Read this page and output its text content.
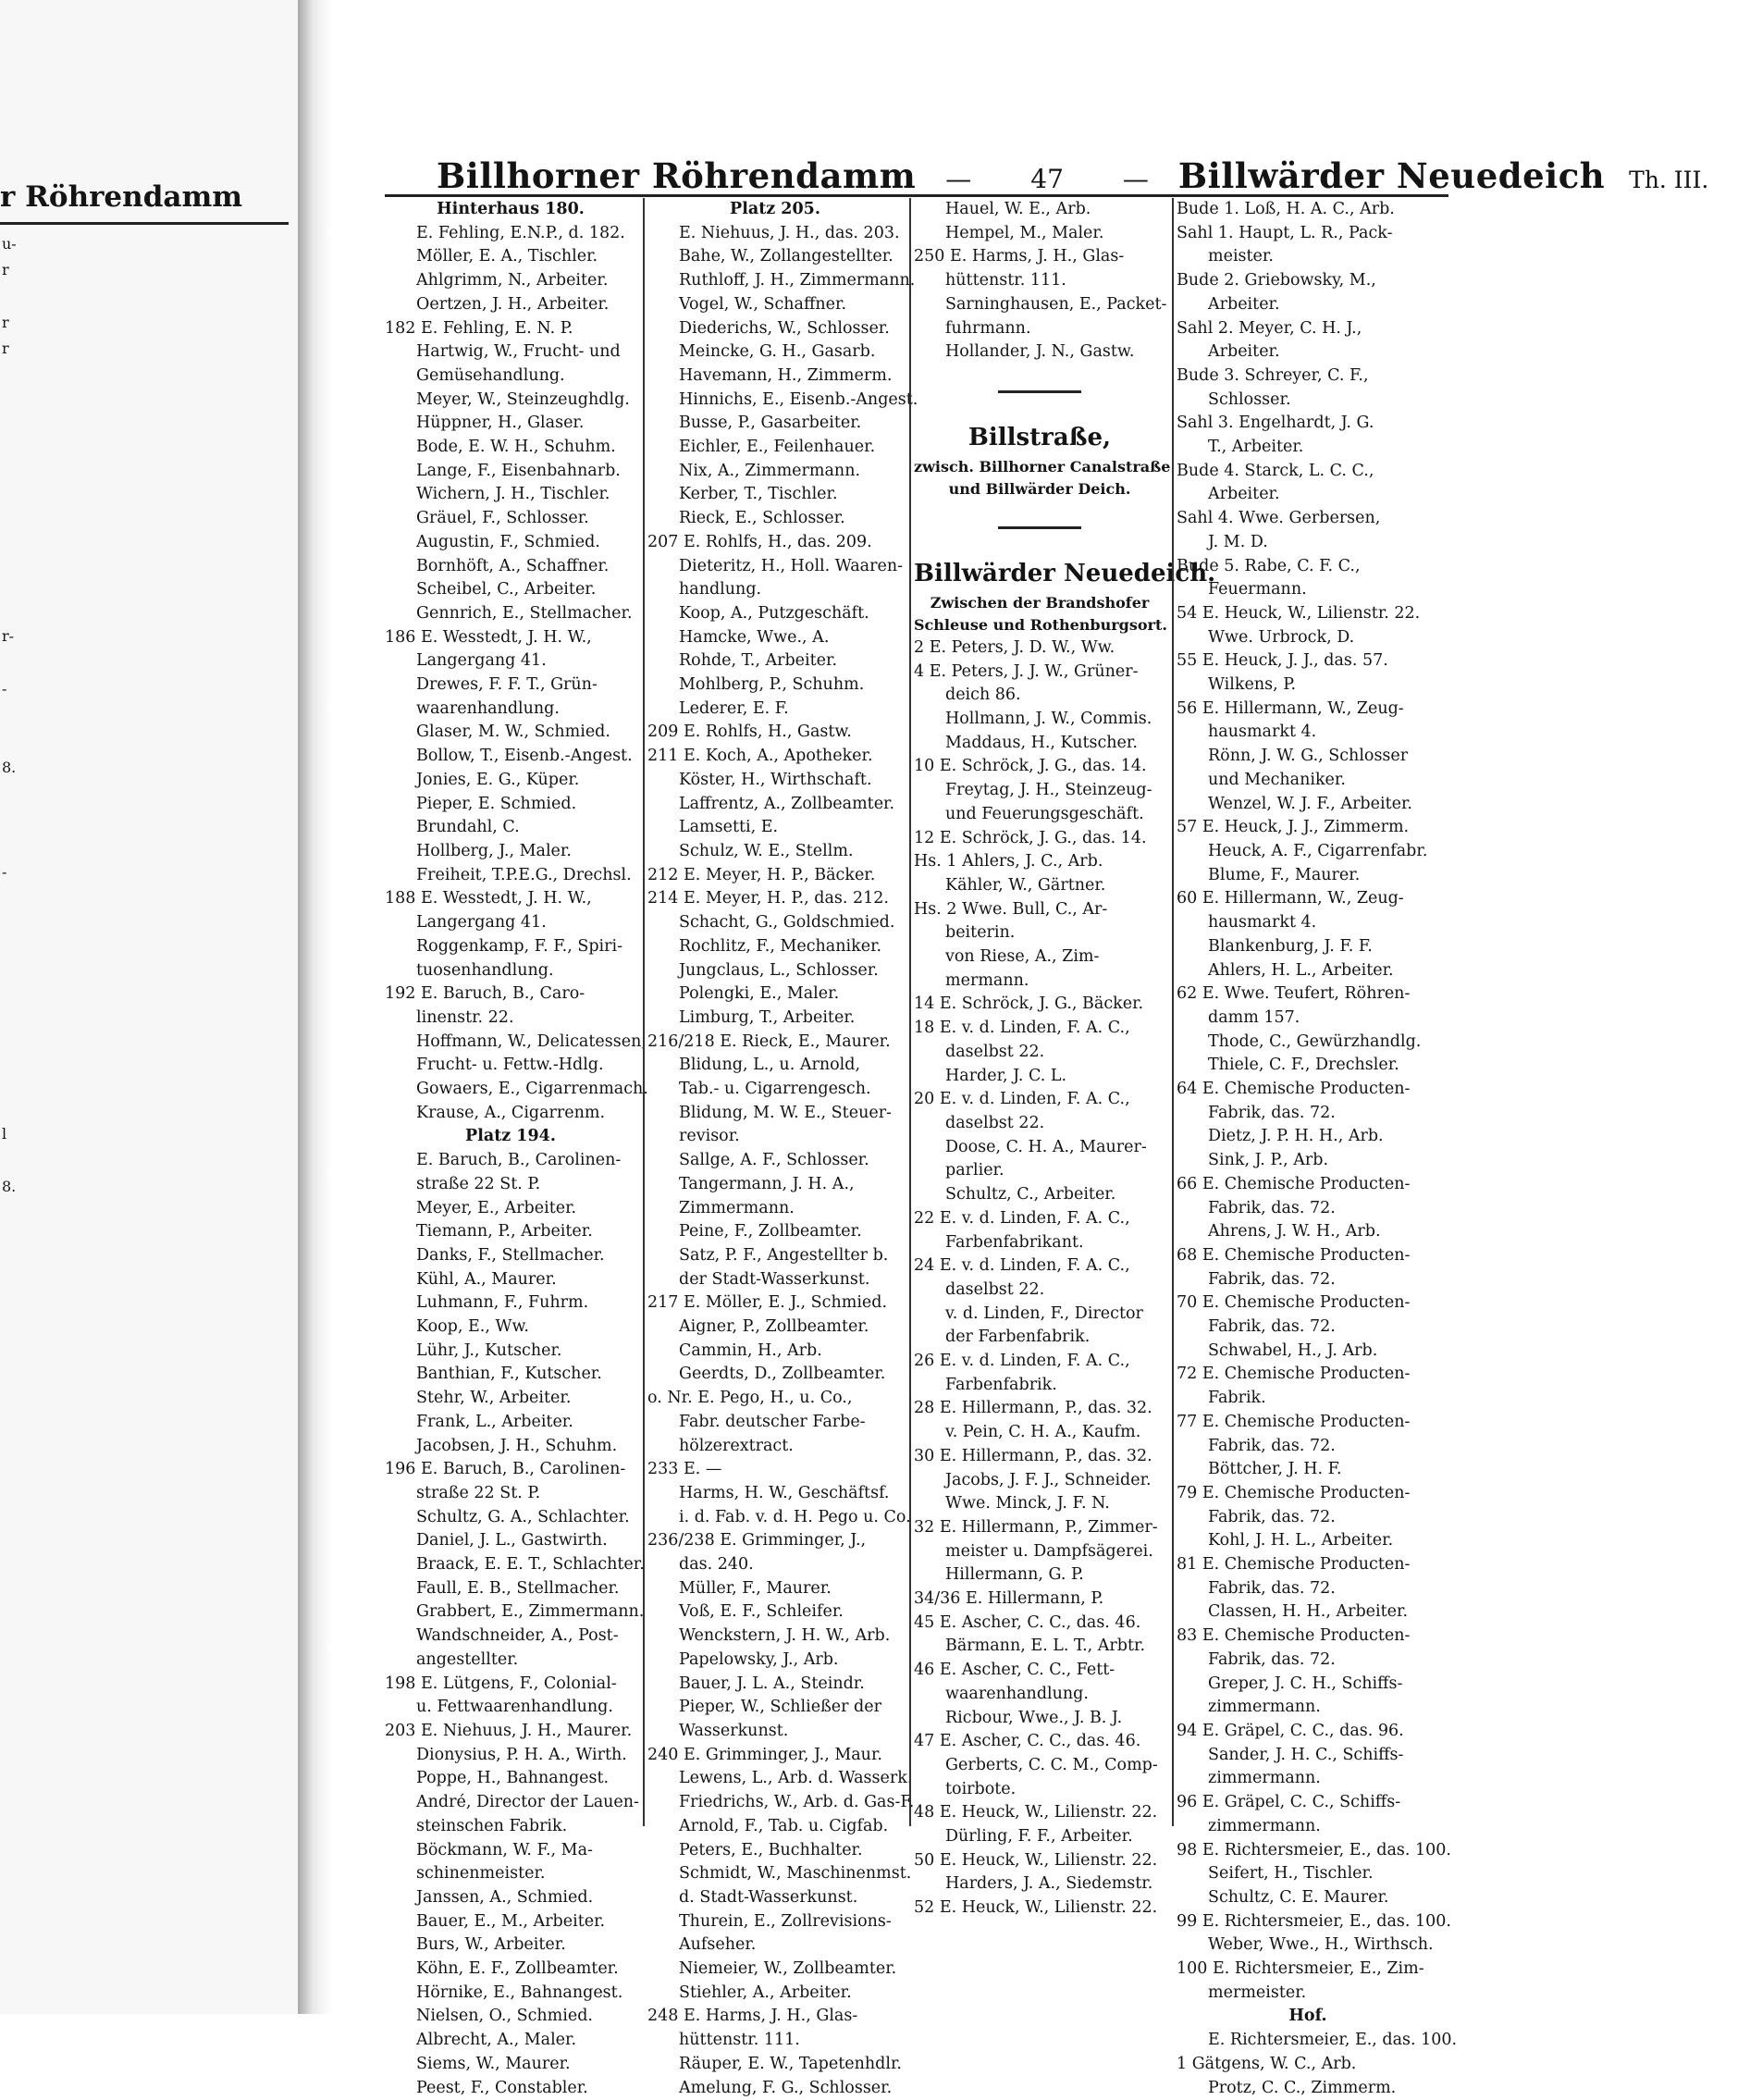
r Röhrendamm
u-
r

r
r

r-

-

8.

-

l

8.

Billhorner Röhrendamm — 47 — Billwärder Neuedeich Th. III.
Hinterhaus 180.
E. Fehling, E.N.P., d. 182.
Möller, E. A., Tischler.
Ahlgrimm, N., Arbeiter.
Oertzen, J. H., Arbeiter.
182 E. Fehling, E. N. P.
Hartwig, W., Frucht- und
Gemüsehandlung.
Meyer, W., Steinzeughdlg.
Hüppner, H., Glaser.
Bode, E. W. H., Schuhm.
Lange, F., Eisenbahnarb.
Wichern, J. H., Tischler.
Gräuel, F., Schlosser.
Augustin, F., Schmied.
Bornhöft, A., Schaffner.
Scheibel, C., Arbeiter.
Gennrich, E., Stellmacher.
186 E. Wesstedt, J. H. W.,
Langergang 41.
Drewes, F. F. T., Grün-
waarenhandlung.
Glaser, M. W., Schmied.
Bollow, T., Eisenb.-Angest.
Jonies, E. G., Küper.
Pieper, E. Schmied.
Brundahl, C.
Hollberg, J., Maler.
Freiheit, T.P.E.G., Drechsl.
188 E. Wesstedt, J. H. W.,
Langergang 41.
Roggenkamp, F. F., Spiri-
tuosenhandlung.
192 E. Baruch, B., Caro-
linenstr. 22.
Hoffmann, W., Delicatessen,
Frucht- u. Fettw.-Hdlg.
Gowaers, E., Cigarrenmach.
Krause, A., Cigarrenm.
Platz 194.
E. Baruch, B., Carolinen-
straße 22 St. P.
Meyer, E., Arbeiter.
Tiemann, P., Arbeiter.
Danks, F., Stellmacher.
Kühl, A., Maurer.
Luhmann, F., Fuhrm.
Koop, E., Ww.
Lühr, J., Kutscher.
Banthian, F., Kutscher.
Stehr, W., Arbeiter.
Frank, L., Arbeiter.
Jacobsen, J. H., Schuhm.
196 E. Baruch, B., Carolinen-
straße 22 St. P.
Schultz, G. A., Schlachter.
Daniel, J. L., Gastwirth.
Braack, E. E. T., Schlachter.
Faull, E. B., Stellmacher.
Grabbert, E., Zimmermann.
Wandschneider, A., Post-
angestellter.
198 E. Lütgens, F., Colonial-
u. Fettwaarenhandlung.
203 E. Niehuus, J. H., Maurer.
Dionysius, P. H. A., Wirth.
Poppe, H., Bahnangest.
André, Director der Lauen-
steinschen Fabrik.
Böckmann, W. F., Ma-
schinenmeister.
Janssen, A., Schmied.
Bauer, E., M., Arbeiter.
Burs, W., Arbeiter.
Köhn, E. F., Zollbeamter.
Hörnike, E., Bahnangest.
Nielsen, O., Schmied.
Albrecht, A., Maler.
Siems, W., Maurer.
Peest, F., Constabler.
Platz 205.
E. Niehuus, J. H., das. 203.
Bahe, W., Zollangestellter.
Ruthloff, J. H., Zimmermann.
Vogel, W., Schaffner.
Diederichs, W., Schlosser.
Meincke, G. H., Gasarb.
Havemann, H., Zimmerm.
Hinnichs, E., Eisenb.-Angest.
Busse, P., Gasarbeiter.
Eichler, E., Feilenhauer.
Nix, A., Zimmermann.
Kerber, T., Tischler.
Rieck, E., Schlosser.
207 E. Rohlfs, H., das. 209.
Dieteritz, H., Holl. Waaren-
handlung.
Koop, A., Putzgeschäft.
Hamcke, Wwe., A.
Rohde, T., Arbeiter.
Mohlberg, P., Schuhm.
Lederer, E. F.
209 E. Rohlfs, H., Gastw.
211 E. Koch, A., Apotheker.
Köster, H., Wirthschaft.
Laffrentz, A., Zollbeamter.
Lamsetti, E.
Schulz, W. E., Stellm.
212 E. Meyer, H. P., Bäcker.
214 E. Meyer, H. P., das. 212.
Schacht, G., Goldschmied.
Rochlitz, F., Mechaniker.
Jungclaus, L., Schlosser.
Polengki, E., Maler.
Limburg, T., Arbeiter.
216/218 E. Rieck, E., Maurer.
Blidung, L., u. Arnold,
Tab.- u. Cigarrengesch.
Blidung, M. W. E., Steuer-
revisor.
Sallge, A. F., Schlosser.
Tangermann, J. H. A.,
Zimmermann.
Peine, F., Zollbeamter.
Satz, P. F., Angestellter b.
der Stadt-Wasserkunst.
217 E. Möller, E. J., Schmied.
Aigner, P., Zollbeamter.
Cammin, H., Arb.
Geerdts, D., Zollbeamter.
o. Nr. E. Pego, H., u. Co.,
Fabr. deutscher Farbe-
hölzerextract.
233 E. —
Harms, H. W., Geschäftsf.
i. d. Fab. v. d. H. Pego u. Co.
236/238 E. Grimminger, J.,
das. 240.
Müller, F., Maurer.
Voß, E. F., Schleifer.
Wenckstern, J. H. W., Arb.
Papelowsky, J., Arb.
Bauer, J. L. A., Steindr.
Pieper, W., Schließer der
Wasserkunst.
240 E. Grimminger, J., Maur.
Lewens, L., Arb. d. Wasserk.
Friedrichs, W., Arb. d. Gas-F.
Arnold, F., Tab. u. Cigfab.
Peters, E., Buchhalter.
Schmidt, W., Maschinenmst.
d. Stadt-Wasserkunst.
Thurein, E., Zollrevisions-
Aufseher.
Niemeier, W., Zollbeamter.
Stiehler, A., Arbeiter.
248 E. Harms, J. H., Glas-
hüttenstr. 111.
Räuper, E. W., Tapetenhdlr.
Amelung, F. G., Schlosser.
Hauel, W. E., Arb.
Hempel, M., Maler.
250 E. Harms, J. H., Glas-
hüttenstr. 111.
Sarninghausen, E., Packet-
fuhrmann.
Hollander, J. N., Gastw.
Billstraße,
zwisch. Billhorner Canalstraße
und Billwärder Deich.
Billwärder Neuedeich.
Zwischen der Brandshofer
Schleuse und Rothenburgsort.
2 E. Peters, J. D. W., Ww.
4 E. Peters, J. J. W., Grüner-
deich 86.
Hollmann, J. W., Commis.
Maddaus, H., Kutscher.
10 E. Schröck, J. G., das. 14.
Freytag, J. H., Steinzeug-
und Feuerungsgeschäft.
12 E. Schröck, J. G., das. 14.
Hs. 1 Ahlers, J. C., Arb.
Kähler, W., Gärtner.
Hs. 2 Wwe. Bull, C., Ar-
beiterin.
von Riese, A., Zim-
mermann.
14 E. Schröck, J. G., Bäcker.
18 E. v. d. Linden, F. A. C.,
daselbst 22.
Harder, J. C. L.
20 E. v. d. Linden, F. A. C.,
daselbst 22.
Doose, C. H. A., Maurer-
parlier.
Schultz, C., Arbeiter.
22 E. v. d. Linden, F. A. C.,
Farbenfabrikant.
24 E. v. d. Linden, F. A. C.,
daselbst 22.
v. d. Linden, F., Director
der Farbenfabrik.
26 E. v. d. Linden, F. A. C.,
Farbenfabrik.
28 E. Hillermann, P., das. 32.
v. Pein, C. H. A., Kaufm.
30 E. Hillermann, P., das. 32.
Jacobs, J. F. J., Schneider.
Wwe. Minck, J. F. N.
32 E. Hillermann, P., Zimmer-
meister u. Dampfsägerei.
Hillermann, G. P.
34/36 E. Hillermann, P.
45 E. Ascher, C. C., das. 46.
Bärmann, E. L. T., Arbtr.
46 E. Ascher, C. C., Fett-
waarenhandlung.
Ricbour, Wwe., J. B. J.
47 E. Ascher, C. C., das. 46.
Gerberts, C. C. M., Comp-
toirbote.
48 E. Heuck, W., Lilienstr. 22.
Dürling, F. F., Arbeiter.
50 E. Heuck, W., Lilienstr. 22.
Harders, J. A., Siedemstr.
52 E. Heuck, W., Lilienstr. 22.
Bude 1. Loß, H. A. C., Arb.
Sahl 1. Haupt, L. R., Pack-
meister.
Bude 2. Griebowsky, M.,
Arbeiter.
Sahl 2. Meyer, C. H. J.,
Arbeiter.
Bude 3. Schreyer, C. F.,
Schlosser.
Sahl 3. Engelhardt, J. G.
T., Arbeiter.
Bude 4. Starck, L. C. C.,
Arbeiter.
Sahl 4. Wwe. Gerbersen,
J. M. D.
Bude 5. Rabe, C. F. C.,
Feuermann.
54 E. Heuck, W., Lilienstr. 22.
Wwe. Urbrock, D.
55 E. Heuck, J. J., das. 57.
Wilkens, P.
56 E. Hillermann, W., Zeug-
hausmarkt 4.
Rönn, J. W. G., Schlosser
und Mechaniker.
Wenzel, W. J. F., Arbeiter.
57 E. Heuck, J. J., Zimmerm.
Heuck, A. F., Cigarrenfabr.
Blume, F., Maurer.
60 E. Hillermann, W., Zeug-
hausmarkt 4.
Blankenburg, J. F. F.
Ahlers, H. L., Arbeiter.
62 E. Wwe. Teufert, Röhren-
damm 157.
Thode, C., Gewürzhandlg.
Thiele, C. F., Drechsler.
64 E. Chemische Producten-
Fabrik, das. 72.
Dietz, J. P. H. H., Arb.
Sink, J. P., Arb.
66 E. Chemische Producten-
Fabrik, das. 72.
Ahrens, J. W. H., Arb.
68 E. Chemische Producten-
Fabrik, das. 72.
70 E. Chemische Producten-
Fabrik, das. 72.
Schwabel, H., J. Arb.
72 E. Chemische Producten-
Fabrik.
77 E. Chemische Producten-
Fabrik, das. 72.
Böttcher, J. H. F.
79 E. Chemische Producten-
Fabrik, das. 72.
Kohl, J. H. L., Arbeiter.
81 E. Chemische Producten-
Fabrik, das. 72.
Classen, H. H., Arbeiter.
83 E. Chemische Producten-
Fabrik, das. 72.
Greper, J. C. H., Schiffs-
zimmermann.
94 E. Gräpel, C. C., das. 96.
Sander, J. H. C., Schiffs-
zimmermann.
96 E. Gräpel, C. C., Schiffs-
zimmermann.
98 E. Richtersmeier, E., das. 100.
Seifert, H., Tischler.
Schultz, C. E. Maurer.
99 E. Richtersmeier, E., das. 100.
Weber, Wwe., H., Wirthsch.
100 E. Richtersmeier, E., Zim-
mermeister.
Hof.
E. Richtersmeier, E., das. 100.
1 Gätgens, W. C., Arb.
Protz, C. C., Zimmerm.
